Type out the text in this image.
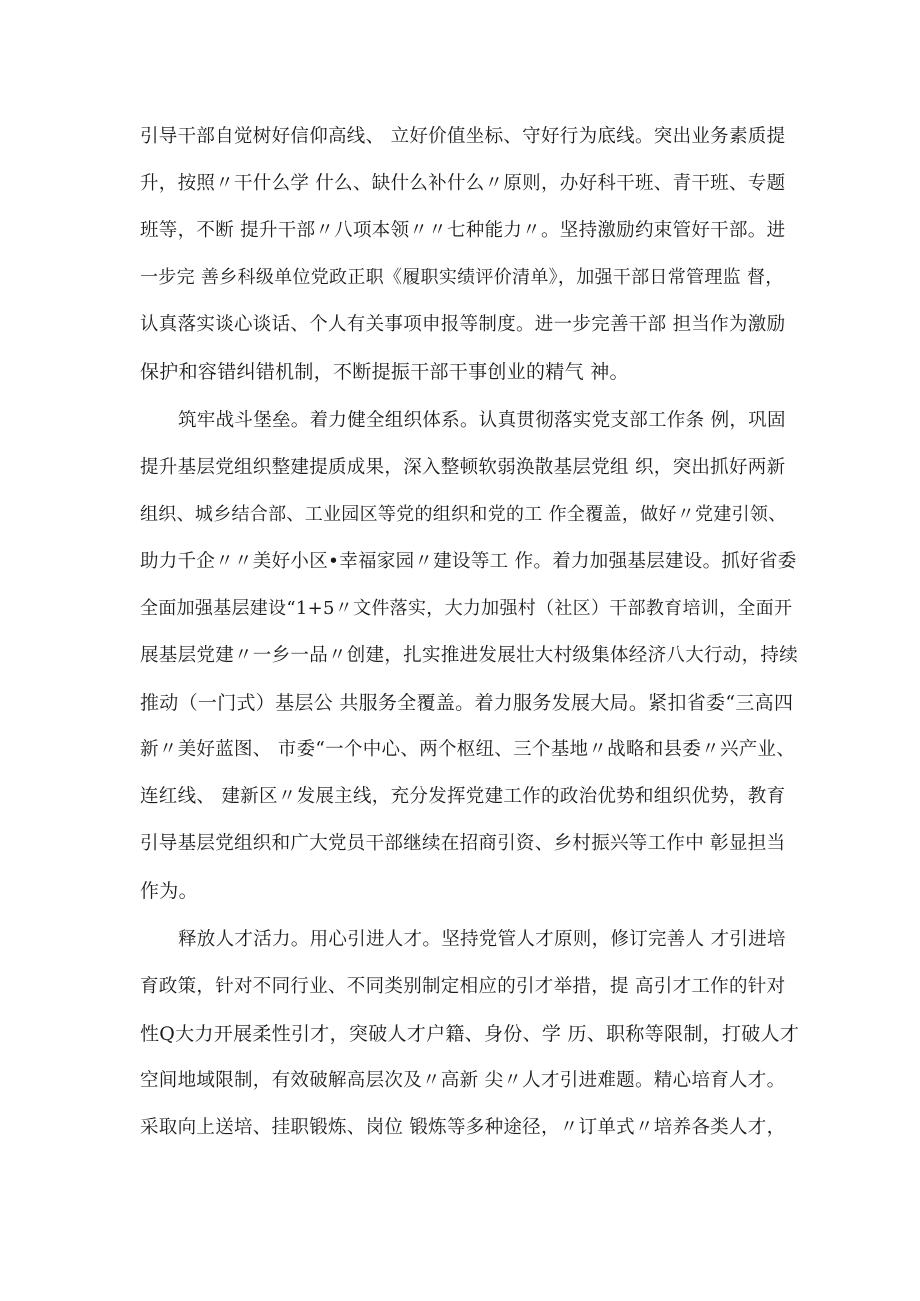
引导干部自觉树好信仰高线、 立好价值坐标、守好行为底线。突出业务素质提
升，按照〃干什么学 什么、缺什么补什么〃原则，办好科干班、青干班、专题
班等，不断 提升干部〃八项本领〃〃七种能力〃。坚持激励约束管好干部。进
一步完 善乡科级单位党政正职《履职实绩评价清单》，加强干部日常管理监 督，
认真落实谈心谈话、个人有关事项申报等制度。进一步完善干部 担当作为激励
保护和容错纠错机制，不断提振干部干事创业的精气 神。
筑牢战斗堡垒。着力健全组织体系。认真贯彻落实党支部工作条 例，巩固
提升基层党组织整建提质成果，深入整顿软弱涣散基层党组 织，突出抓好两新
组织、城乡结合部、工业园区等党的组织和党的工 作全覆盖，做好〃党建引领、
助力千企〃〃美好小区•幸福家园〃建设等工 作。着力加强基层建设。抓好省委
全面加强基层建设“1+5〃文件落实，大力加强村（社区）干部教育培训，全面开
展基层党建〃一乡一品〃创建，扎实推进发展壮大村级集体经济八大行动，持续
推动（一门式）基层公 共服务全覆盖。着力服务发展大局。紧扣省委“三高四
新〃美好蓝图、 市委“一个中心、两个枢纽、三个基地〃战略和县委〃兴产业、
连红线、 建新区〃发展主线，充分发挥党建工作的政治优势和组织优势，教育
引导基层党组织和广大党员干部继续在招商引资、乡村振兴等工作中 彰显担当
作为。
释放人才活力。用心引进人才。坚持党管人才原则，修订完善人 才引进培
育政策，针对不同行业、不同类别制定相应的引才举措，提 高引才工作的针对
性Q大力开展柔性引才，突破人才户籍、身份、学 历、职称等限制，打破人才
空间地域限制，有效破解高层次及〃高新 尖〃人才引进难题。精心培育人才。
采取向上送培、挂职锻炼、岗位 锻炼等多种途径，〃订单式〃培养各类人才，
